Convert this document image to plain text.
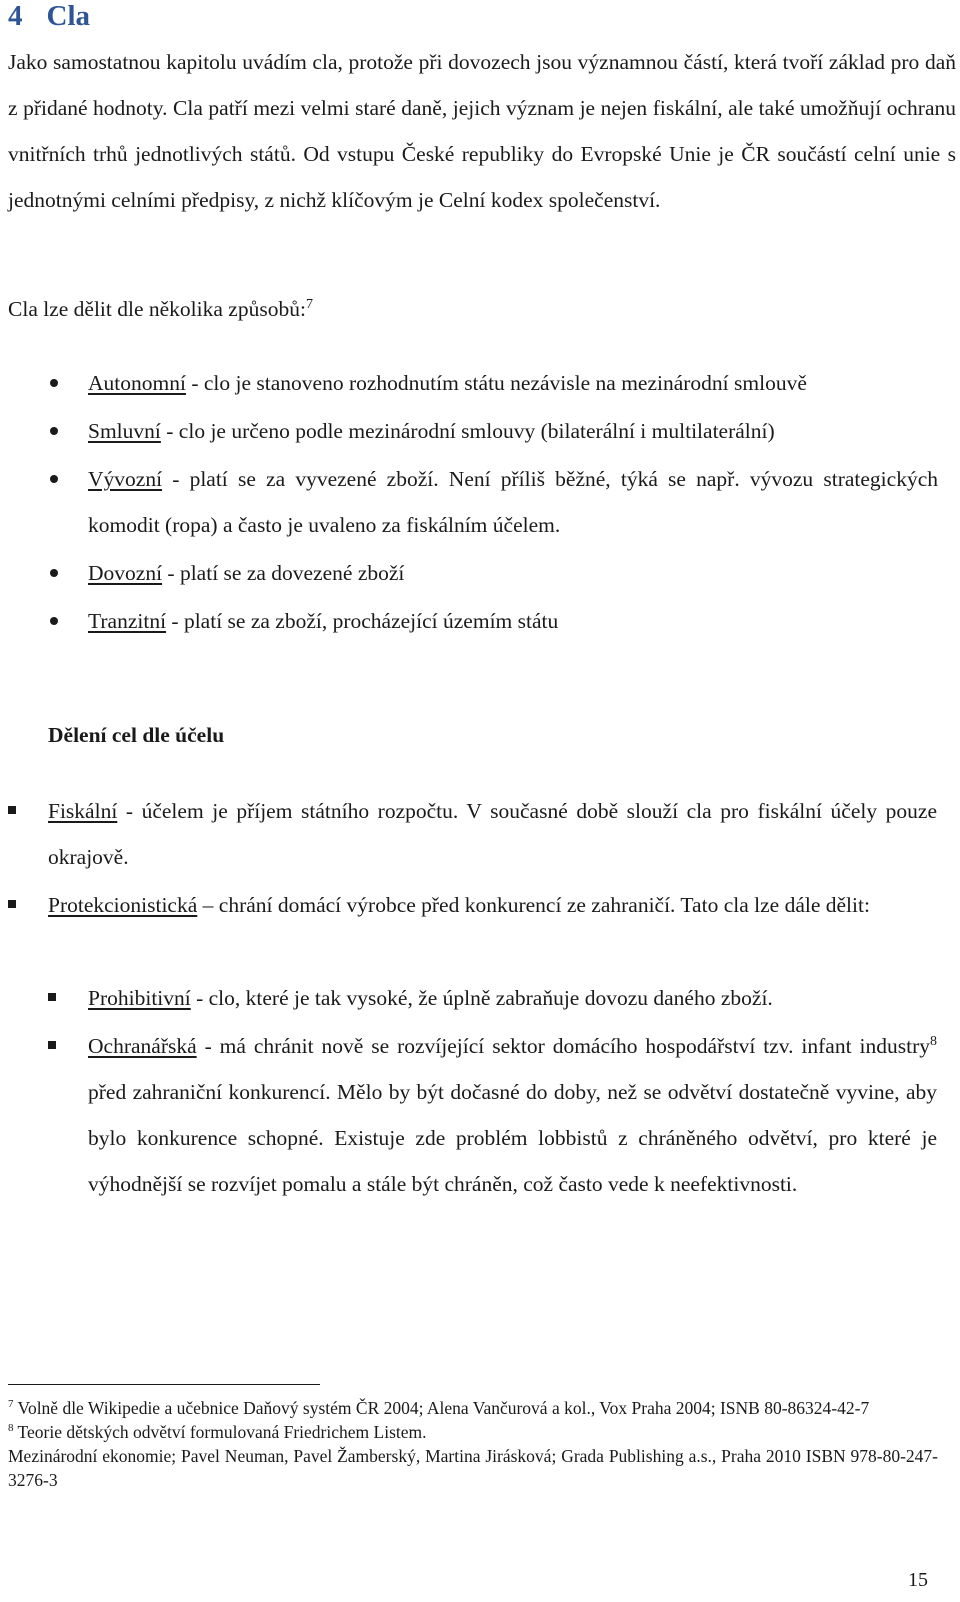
4 Cla

Jako samostatnou kapitolu uvádím cla, protože při dovozech jsou významnou částí, která tvoří základ pro daň z přidané hodnoty. Cla patří mezi velmi staré daně, jejich význam je nejen fiskální, ale také umožňují ochranu vnitřních trhů jednotlivých států. Od vstupu České republiky do Evropské Unie je ČR součástí celní unie s jednotnými celními předpisy, z nichž klíčovým je Celní kodex společenství.

Cla lze dělit dle několika způsobů:$^7$

Autonomní - clo je stanoveno rozhodnutím státu nezávisle na mezinárodní smlouvě
Smluvní - clo je určeno podle mezinárodní smlouvy (bilaterální i multilaterální)
Vývozní - platí se za vyvezené zboží. Není příliš běžné, týká se např. vývozu strategických komodit (ropa) a často je uvaleno za fiskálním účelem.
Dovozní - platí se za dovezené zboží
Tranzitní - platí se za zboží, procházející územím státu
Dělení cel dle účelu
Fiskální - účelem je příjem státního rozpočtu. V současné době slouží cla pro fiskální účely pouze okrajově.
Protekcionistická – chrání domácí výrobce před konkurencí ze zahraničí. Tato cla lze dále dělit:
Prohibitivní - clo, které je tak vysoké, že úplně zabraňuje dovozu daného zboží.
Ochranářská - má chránit nově se rozvíjející sektor domácího hospodářství tzv. infant industry$^8$ před zahraniční konkurencí. Mělo by být dočasné do doby, než se odvětví dostatečně vyvine, aby bylo konkurence schopné. Existuje zde problém lobbistů z chráněného odvětví, pro které je výhodnější se rozvíjet pomalu a stále být chráněn, což často vede k neefektivnosti.

$^7$ Volně dle Wikipedie a učebnice Daňový systém ČR 2004; Alena Vančurová a kol., Vox Praha 2004; ISNB 80-86324-42-7

$^8$ Teorie dětských odvětví formulovaná Friedrichem Listem.

Mezinárodní ekonomie; Pavel Neuman, Pavel Žamberský, Martina Jirásková; Grada Publishing a.s., Praha 2010 ISBN 978-80-247-3276-3

15
